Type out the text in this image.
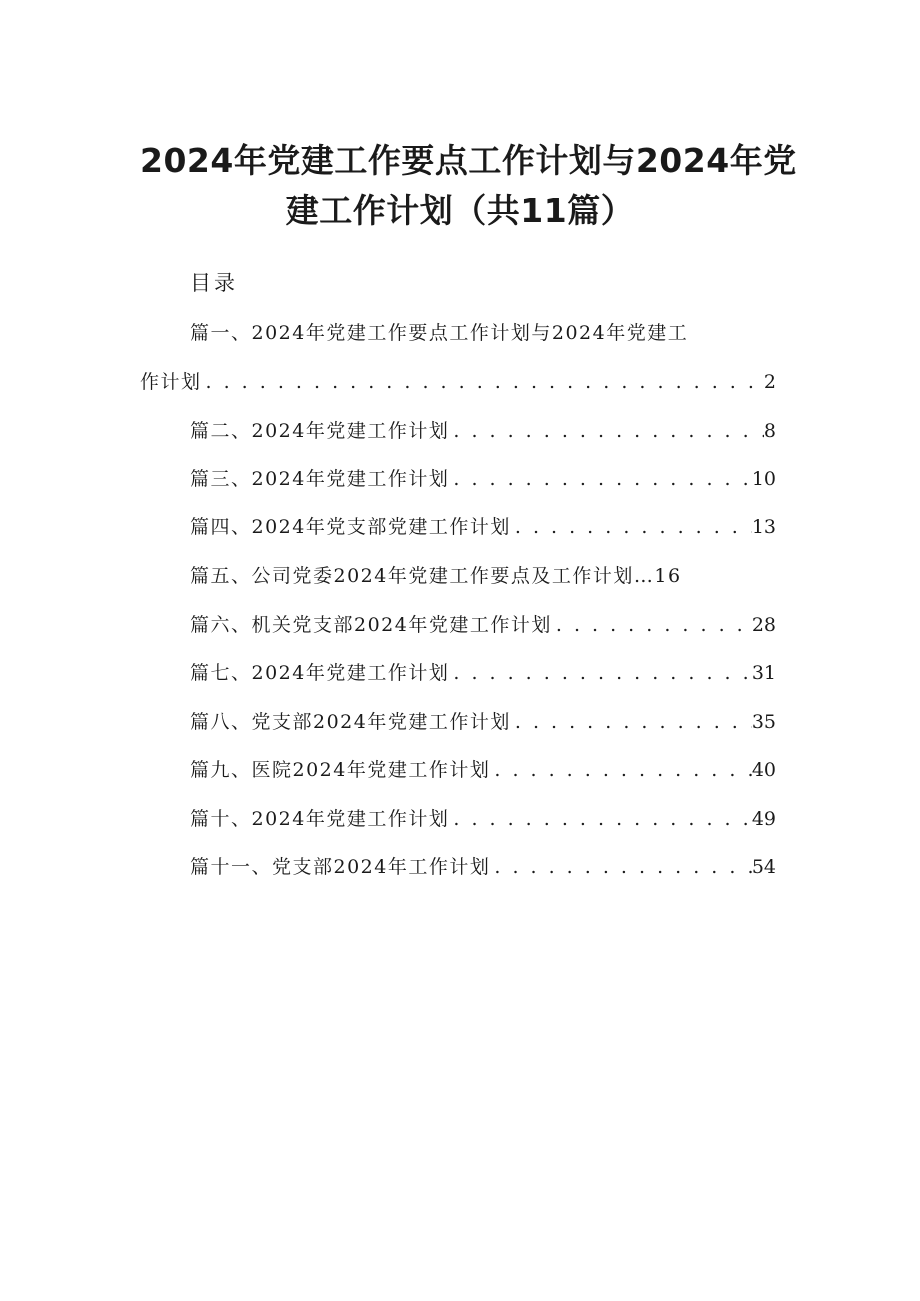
2024年党建工作要点工作计划与2024年党
建工作计划（共11篇）
目录
篇一、2024年党建工作要点工作计划与2024年党建工
作计划 . . .	2
篇二、2024年党建工作计划 . . .	8
篇三、2024年党建工作计划 . . .	10
篇四、2024年党支部党建工作计划 . . .	13
篇五、公司党委2024年党建工作要点及工作计划…16
篇六、机关党支部2024年党建工作计划 . . .	28
篇七、2024年党建工作计划 . . .	31
篇八、党支部2024年党建工作计划 . . .	35
篇九、医院2024年党建工作计划 . . .	40
篇十、2024年党建工作计划 . . .	49
篇十一、党支部2024年工作计划 . . .	54
